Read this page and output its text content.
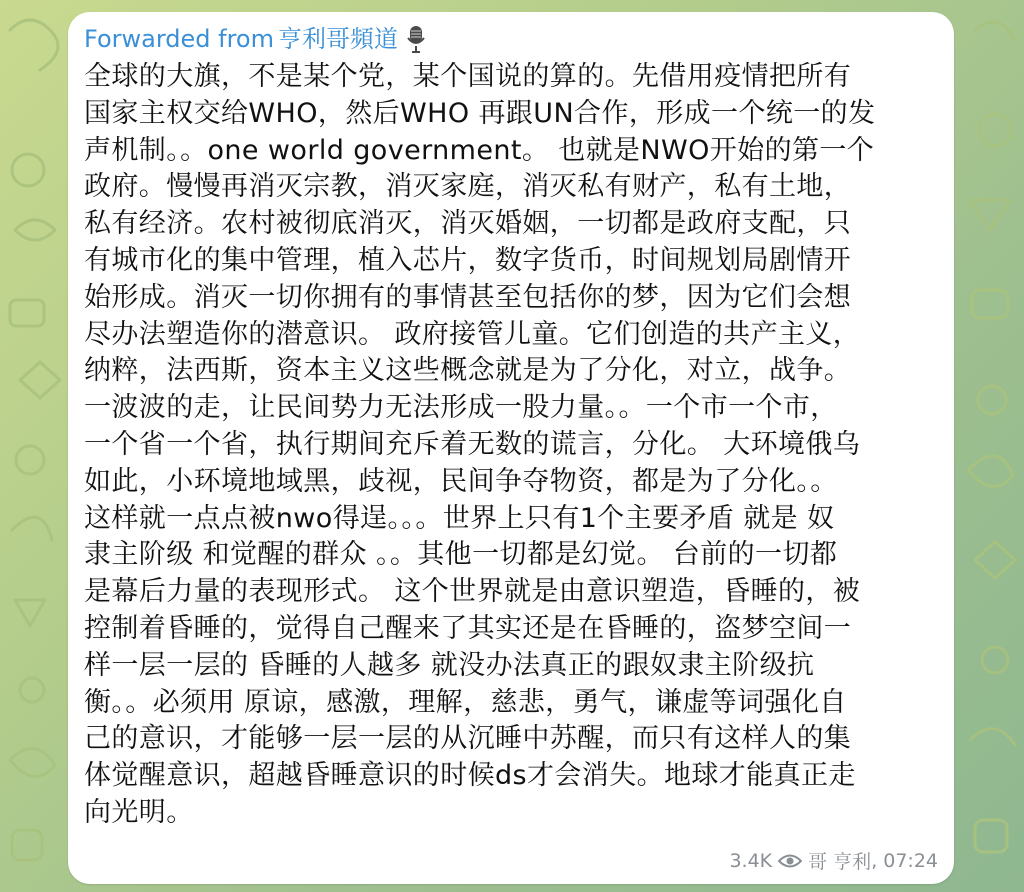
Forwarded from 亨利哥頻道
全球的大旗，不是某个党，某个国说的算的。先借用疫情把所有
国家主权交给WHO，然后WHO 再跟UN合作，形成一个统一的发
声机制。。one world government。 也就是NWO开始的第一个
政府。慢慢再消灭宗教，消灭家庭，消灭私有财产，私有土地，
私有经济。农村被彻底消灭，消灭婚姻，一切都是政府支配，只
有城市化的集中管理，植入芯片，数字货币，时间规划局剧情开
始形成。消灭一切你拥有的事情甚至包括你的梦，因为它们会想
尽办法塑造你的潜意识。 政府接管儿童。它们创造的共产主义，
纳粹，法西斯，资本主义这些概念就是为了分化，对立，战争。
一波波的走，让民间势力无法形成一股力量。。一个市一个市，
一个省一个省，执行期间充斥着无数的谎言，分化。 大环境俄乌
如此，小环境地域黑，歧视，民间争夺物资，都是为了分化。。
这样就一点点被nwo得逞。。。世界上只有1个主要矛盾 就是 奴
隶主阶级 和觉醒的群众 。。其他一切都是幻觉。 台前的一切都
是幕后力量的表现形式。 这个世界就是由意识塑造，昏睡的，被
控制着昏睡的，觉得自己醒来了其实还是在昏睡的，盗梦空间一
样一层一层的 昏睡的人越多 就没办法真正的跟奴隶主阶级抗
衡。。必须用 原谅，感激，理解，慈悲，勇气，谦虚等词强化自
己的意识，才能够一层一层的从沉睡中苏醒，而只有这样人的集
体觉醒意识，超越昏睡意识的时候ds才会消失。地球才能真正走
向光明。
3.4K 哥 亨利 , 07:24
